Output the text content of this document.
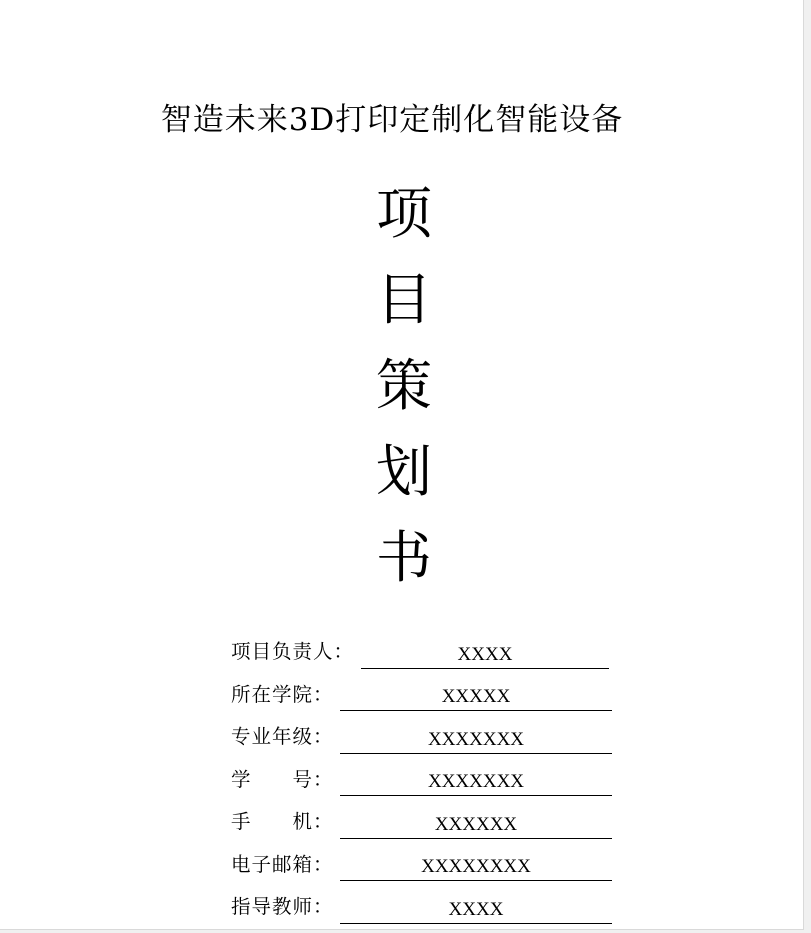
智造未来3D打印定制化智能设备
项
目
策
划
书
项目负责人：	XXXX
所在学院：	XXXXX
专业年级：	XXXXXXX
学　　号：	XXXXXXX
手　　机：	XXXXXX
电子邮箱：	XXXXXXXX
指导教师：	XXXX
